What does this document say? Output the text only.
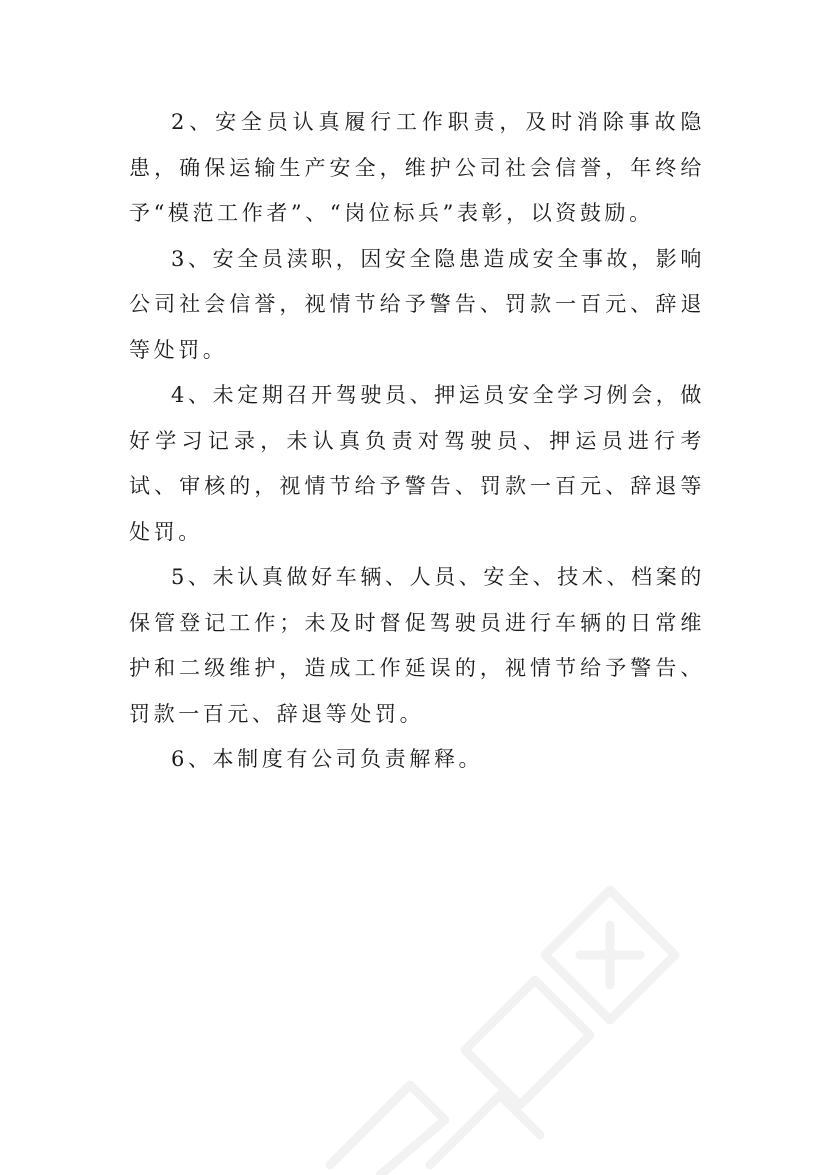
2、安全员认真履行工作职责，及时消除事故隐患，确保运输生产安全，维护公司社会信誉，年终给予“模范工作者”、“岗位标兵”表彰，以资鼓励。

3、安全员渎职，因安全隐患造成安全事故，影响公司社会信誉，视情节给予警告、罚款一百元、辞退等处罚。

4、未定期召开驾驶员、押运员安全学习例会，做好学习记录，未认真负责对驾驶员、押运员进行考试、审核的，视情节给予警告、罚款一百元、辞退等处罚。

5、未认真做好车辆、人员、安全、技术、档案的保管登记工作；未及时督促驾驶员进行车辆的日常维护和二级维护，造成工作延误的，视情节给予警告、罚款一百元、辞退等处罚。

6、本制度有公司负责解释。
